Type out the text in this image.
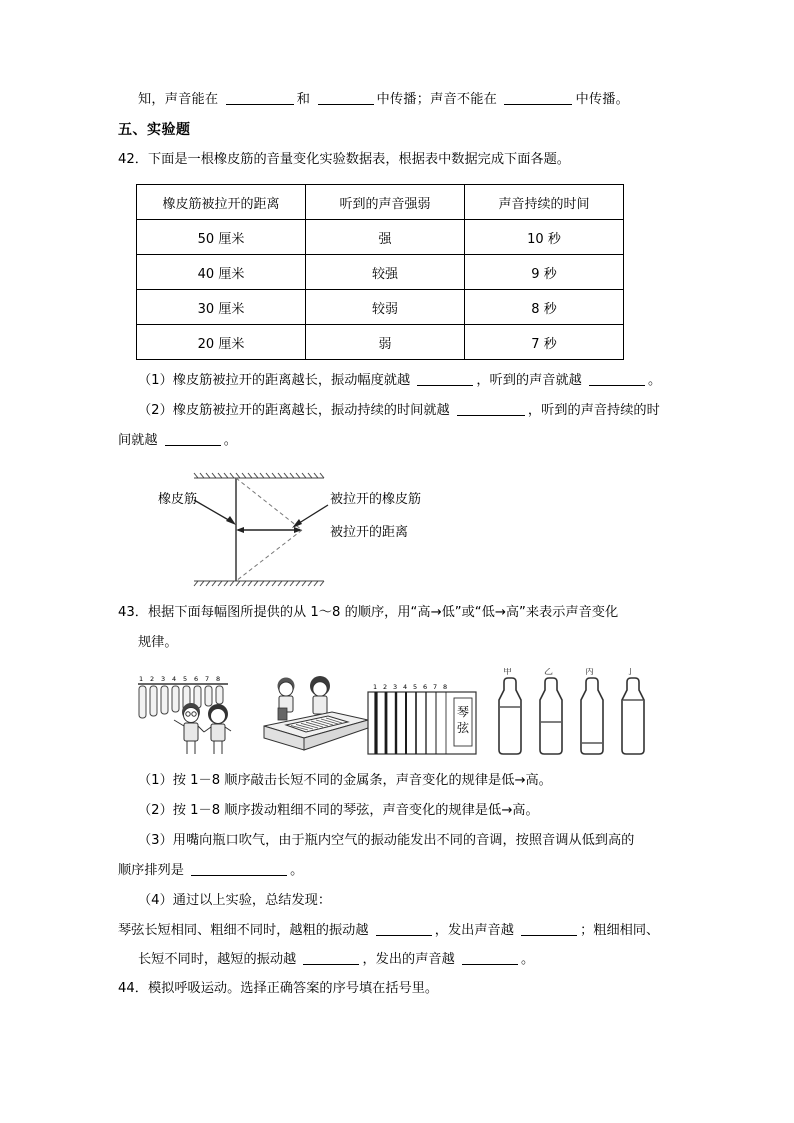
知，声音能在	和	中传播；声音不能在	中传播。
五、实验题
42．下面是一根橡皮筋的音量变化实验数据表，根据表中数据完成下面各题。
橡皮筋被拉开的距离	听到的声音强弱	声音持续的时间
50 厘米	强	10 秒
40 厘米	较强	9 秒
30 厘米	较弱	8 秒
20 厘米	弱	7 秒
（1）橡皮筋被拉开的距离越长，振动幅度就越	，听到的声音就越	。
（2）橡皮筋被拉开的距离越长，振动持续的时间就越	，听到的声音持续的时
间就越	。
橡皮筋	被拉开的橡皮筋
被拉开的距离
43．根据下面每幅图所提供的从 1～8 的顺序，用“高→低”或“低→高”来表示声音变化
规律。
1 2 3 4 5 6 7 8
1 2 3 4 5 6 7 8
琴
弦
甲	乙	丙	丁
（1）按 1－8 顺序敲击长短不同的金属条，声音变化的规律是低→高。
（2）按 1－8 顺序拨动粗细不同的琴弦，声音变化的规律是低→高。
（3）用嘴向瓶口吹气，由于瓶内空气的振动能发出不同的音调，按照音调从低到高的
顺序排列是	。
（4）通过以上实验，总结发现：
琴弦长短相同、粗细不同时，越粗的振动越	，发出声音越	；粗细相同、
长短不同时，越短的振动越	，发出的声音越	。
44．模拟呼吸运动。选择正确答案的序号填在括号里。
